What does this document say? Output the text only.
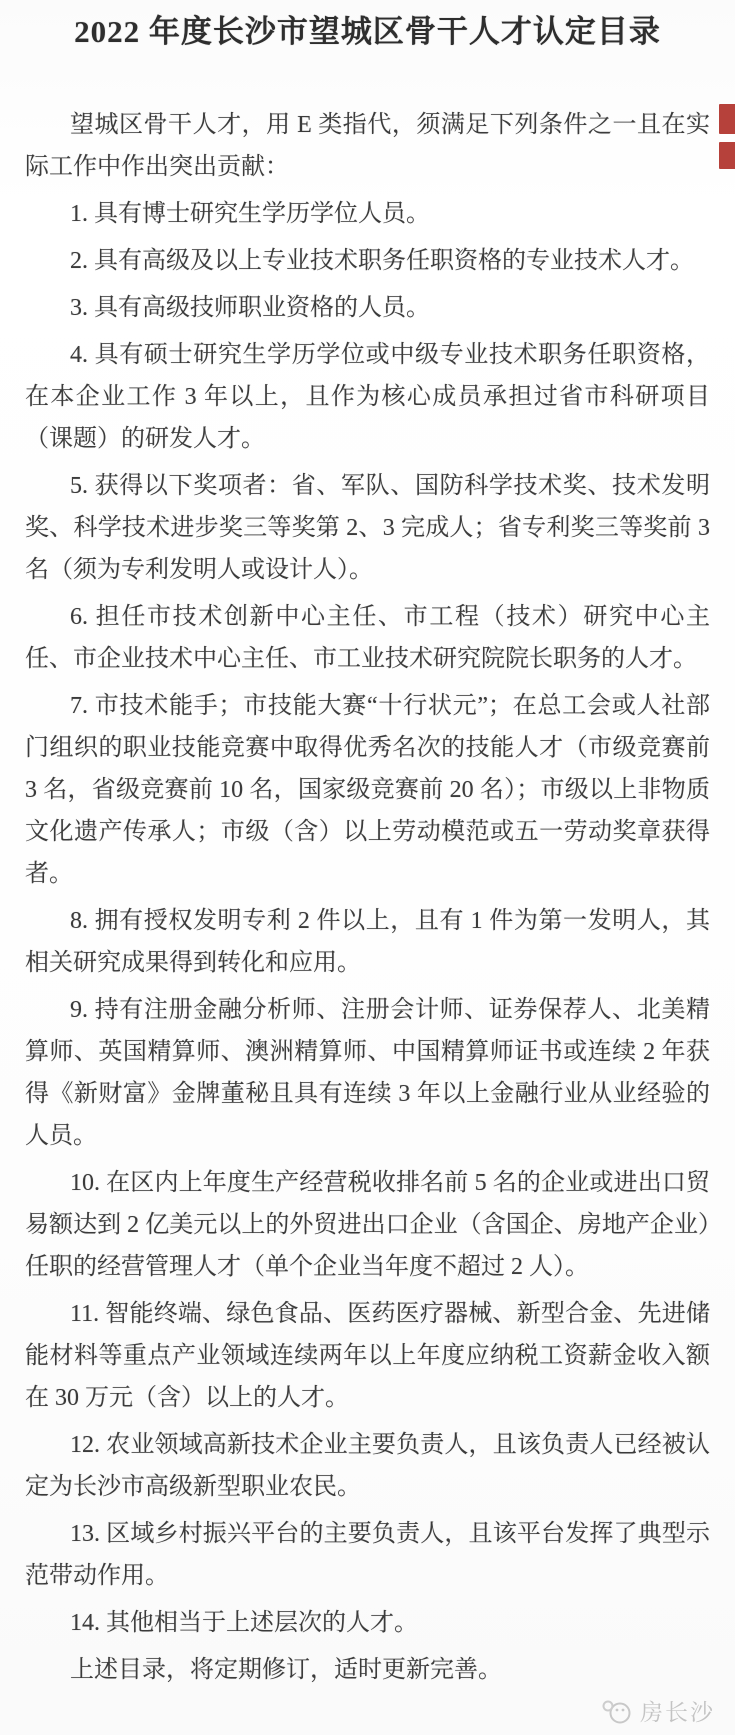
2022 年度长沙市望城区骨干人才认定目录

望城区骨干人才，用 E 类指代，须满足下列条件之一且在实际工作中作出突出贡献：

1. 具有博士研究生学历学位人员。

2. 具有高级及以上专业技术职务任职资格的专业技术人才。

3. 具有高级技师职业资格的人员。

4. 具有硕士研究生学历学位或中级专业技术职务任职资格，在本企业工作 3 年以上，且作为核心成员承担过省市科研项目（课题）的研发人才。

5. 获得以下奖项者：省、军队、国防科学技术奖、技术发明奖、科学技术进步奖三等奖第 2、3 完成人；省专利奖三等奖前 3 名（须为专利发明人或设计人）。

6. 担任市技术创新中心主任、市工程（技术）研究中心主任、市企业技术中心主任、市工业技术研究院院长职务的人才。

7. 市技术能手；市技能大赛“十行状元”；在总工会或人社部门组织的职业技能竞赛中取得优秀名次的技能人才（市级竞赛前 3 名，省级竞赛前 10 名，国家级竞赛前 20 名）；市级以上非物质文化遗产传承人；市级（含）以上劳动模范或五一劳动奖章获得者。

8. 拥有授权发明专利 2 件以上，且有 1 件为第一发明人，其相关研究成果得到转化和应用。

9. 持有注册金融分析师、注册会计师、证券保荐人、北美精算师、英国精算师、澳洲精算师、中国精算师证书或连续 2 年获得《新财富》金牌董秘且具有连续 3 年以上金融行业从业经验的人员。

10. 在区内上年度生产经营税收排名前 5 名的企业或进出口贸易额达到 2 亿美元以上的外贸进出口企业（含国企、房地产企业）任职的经营管理人才（单个企业当年度不超过 2 人）。

11. 智能终端、绿色食品、医药医疗器械、新型合金、先进储能材料等重点产业领域连续两年以上年度应纳税工资薪金收入额在 30 万元（含）以上的人才。

12. 农业领域高新技术企业主要负责人，且该负责人已经被认定为长沙市高级新型职业农民。

13. 区域乡村振兴平台的主要负责人，且该平台发挥了典型示范带动作用。

14. 其他相当于上述层次的人才。

上述目录，将定期修订，适时更新完善。

房长沙
